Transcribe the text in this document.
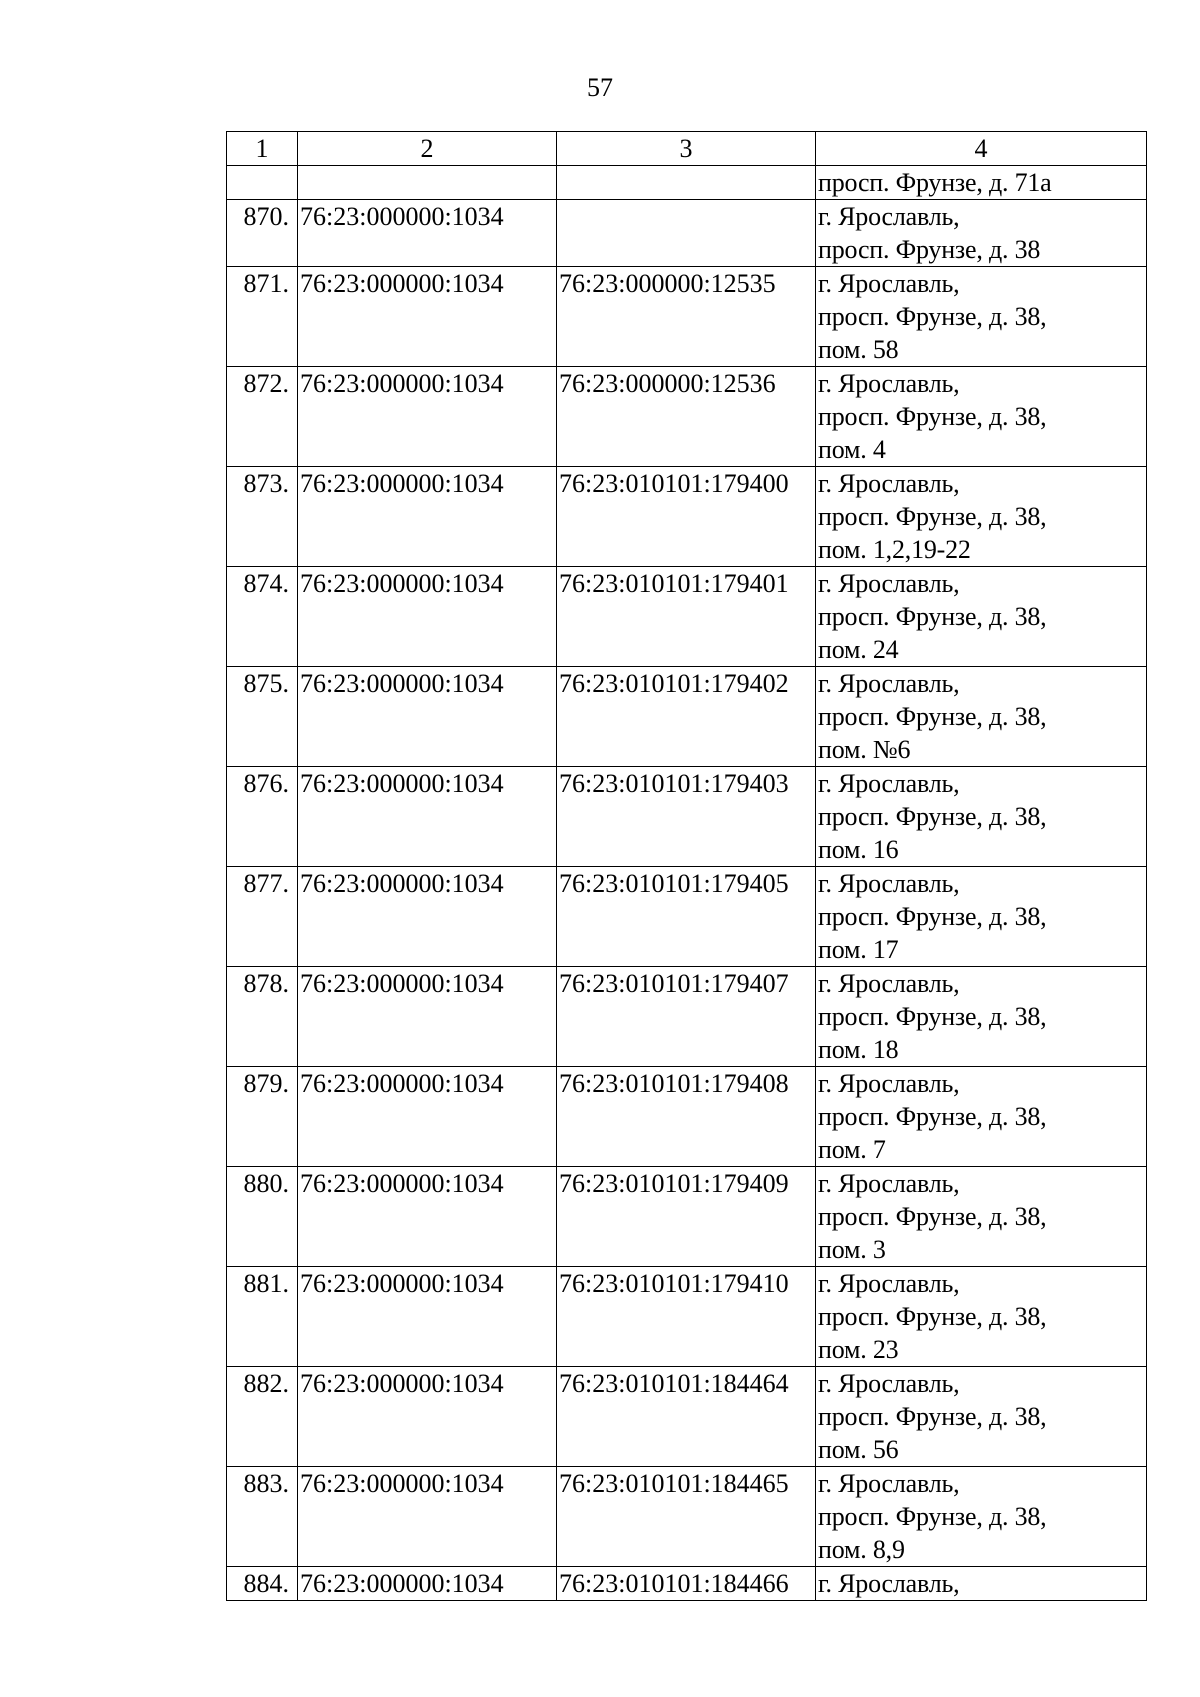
57
1	2	3	4
			просп. Фрунзе, д. 71а
870.	76:23:000000:1034		г. Ярославль,
просп. Фрунзе, д. 38
871.	76:23:000000:1034	76:23:000000:12535	г. Ярославль,
просп. Фрунзе, д. 38,
пом. 58
872.	76:23:000000:1034	76:23:000000:12536	г. Ярославль,
просп. Фрунзе, д. 38,
пом. 4
873.	76:23:000000:1034	76:23:010101:179400	г. Ярославль,
просп. Фрунзе, д. 38,
пом. 1,2,19-22
874.	76:23:000000:1034	76:23:010101:179401	г. Ярославль,
просп. Фрунзе, д. 38,
пом. 24
875.	76:23:000000:1034	76:23:010101:179402	г. Ярославль,
просп. Фрунзе, д. 38,
пом. №6
876.	76:23:000000:1034	76:23:010101:179403	г. Ярославль,
просп. Фрунзе, д. 38,
пом. 16
877.	76:23:000000:1034	76:23:010101:179405	г. Ярославль,
просп. Фрунзе, д. 38,
пом. 17
878.	76:23:000000:1034	76:23:010101:179407	г. Ярославль,
просп. Фрунзе, д. 38,
пом. 18
879.	76:23:000000:1034	76:23:010101:179408	г. Ярославль,
просп. Фрунзе, д. 38,
пом. 7
880.	76:23:000000:1034	76:23:010101:179409	г. Ярославль,
просп. Фрунзе, д. 38,
пом. 3
881.	76:23:000000:1034	76:23:010101:179410	г. Ярославль,
просп. Фрунзе, д. 38,
пом. 23
882.	76:23:000000:1034	76:23:010101:184464	г. Ярославль,
просп. Фрунзе, д. 38,
пом. 56
883.	76:23:000000:1034	76:23:010101:184465	г. Ярославль,
просп. Фрунзе, д. 38,
пом. 8,9
884.	76:23:000000:1034	76:23:010101:184466	г. Ярославль,
